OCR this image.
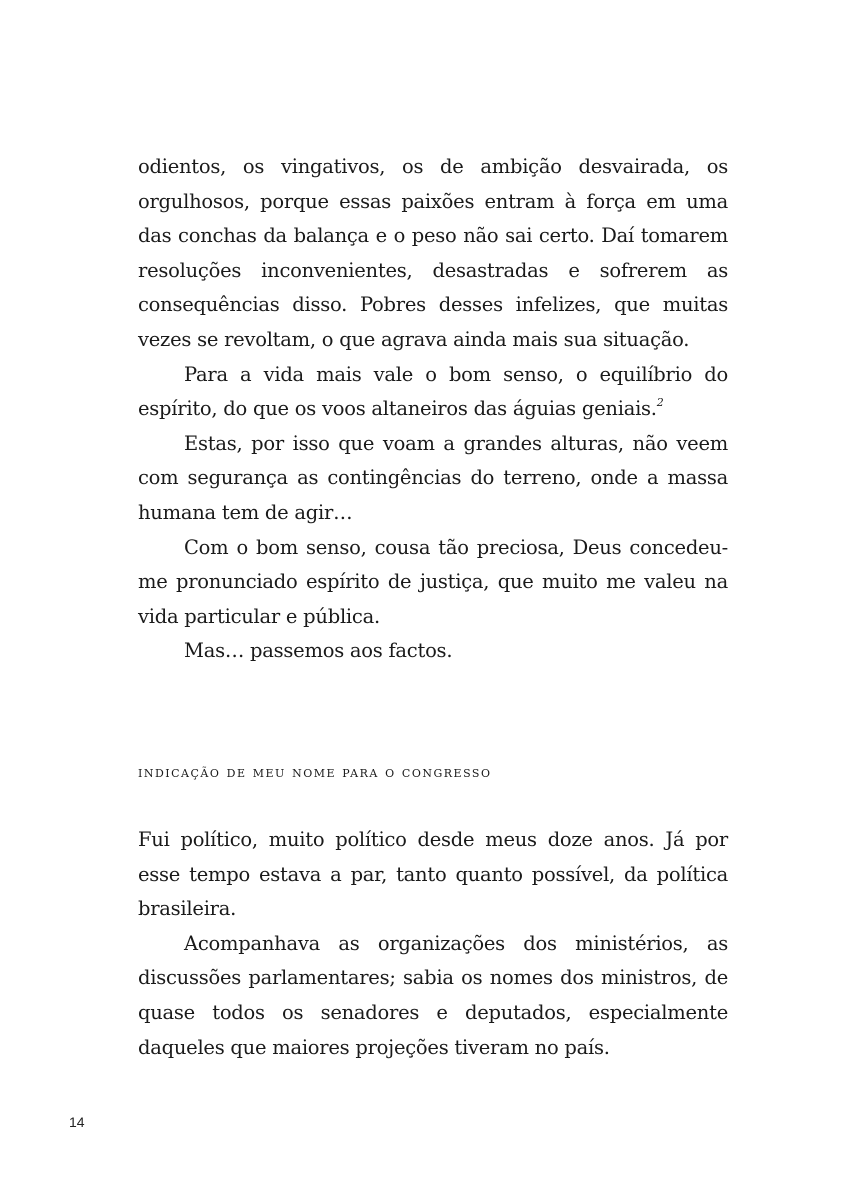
odientos, os vingativos, os de ambição desvairada, os orgulhosos, porque essas paixões entram à força em uma das conchas da balança e o peso não sai certo. Daí tomarem resoluções inconvenientes, desastradas e sofrerem as consequências disso. Pobres desses infelizes, que muitas vezes se revoltam, o que agrava ainda mais sua situação.

Para a vida mais vale o bom senso, o equilíbrio do espírito, do que os voos altaneiros das águias geniais.$^2$

Estas, por isso que voam a grandes alturas, não veem com segurança as contingências do terreno, onde a massa humana tem de agir…

Com o bom senso, cousa tão preciosa, Deus concedeu-me pronunciado espírito de justiça, que muito me valeu na vida particular e pública.

Mas… passemos aos factos.

indicação de meu nome para o congresso

Fui político, muito político desde meus doze anos. Já por esse tempo estava a par, tanto quanto possível, da política brasileira.

Acompanhava as organizações dos ministérios, as discussões parlamentares; sabia os nomes dos ministros, de quase todos os senadores e deputados, especialmente daqueles que maiores projeções tiveram no país.

14
